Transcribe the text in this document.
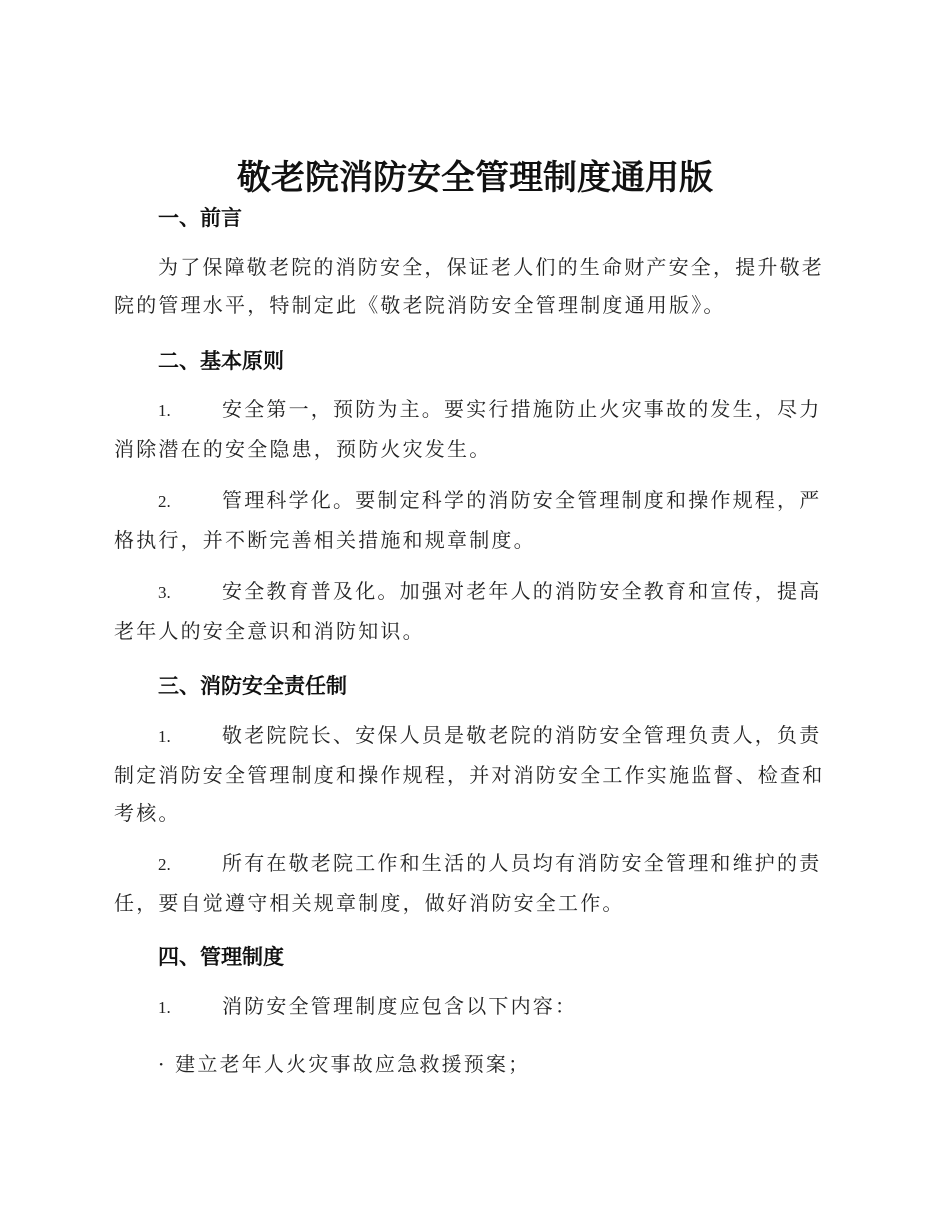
敬老院消防安全管理制度通用版
一、前言
为了保障敬老院的消防安全，保证老人们的生命财产安全，提升敬老院的管理水平，特制定此《敬老院消防安全管理制度通用版》。
二、基本原则
1.	安全第一，预防为主。要实行措施防止火灾事故的发生，尽力消除潜在的安全隐患，预防火灾发生。
2.	管理科学化。要制定科学的消防安全管理制度和操作规程，严格执行，并不断完善相关措施和规章制度。
3.	安全教育普及化。加强对老年人的消防安全教育和宣传，提高老年人的安全意识和消防知识。
三、消防安全责任制
1.	敬老院院长、安保人员是敬老院的消防安全管理负责人，负责制定消防安全管理制度和操作规程，并对消防安全工作实施监督、检查和考核。
2.	所有在敬老院工作和生活的人员均有消防安全管理和维护的责任，要自觉遵守相关规章制度，做好消防安全工作。
四、管理制度
1.	消防安全管理制度应包含以下内容：
· 建立老年人火灾事故应急救援预案；
